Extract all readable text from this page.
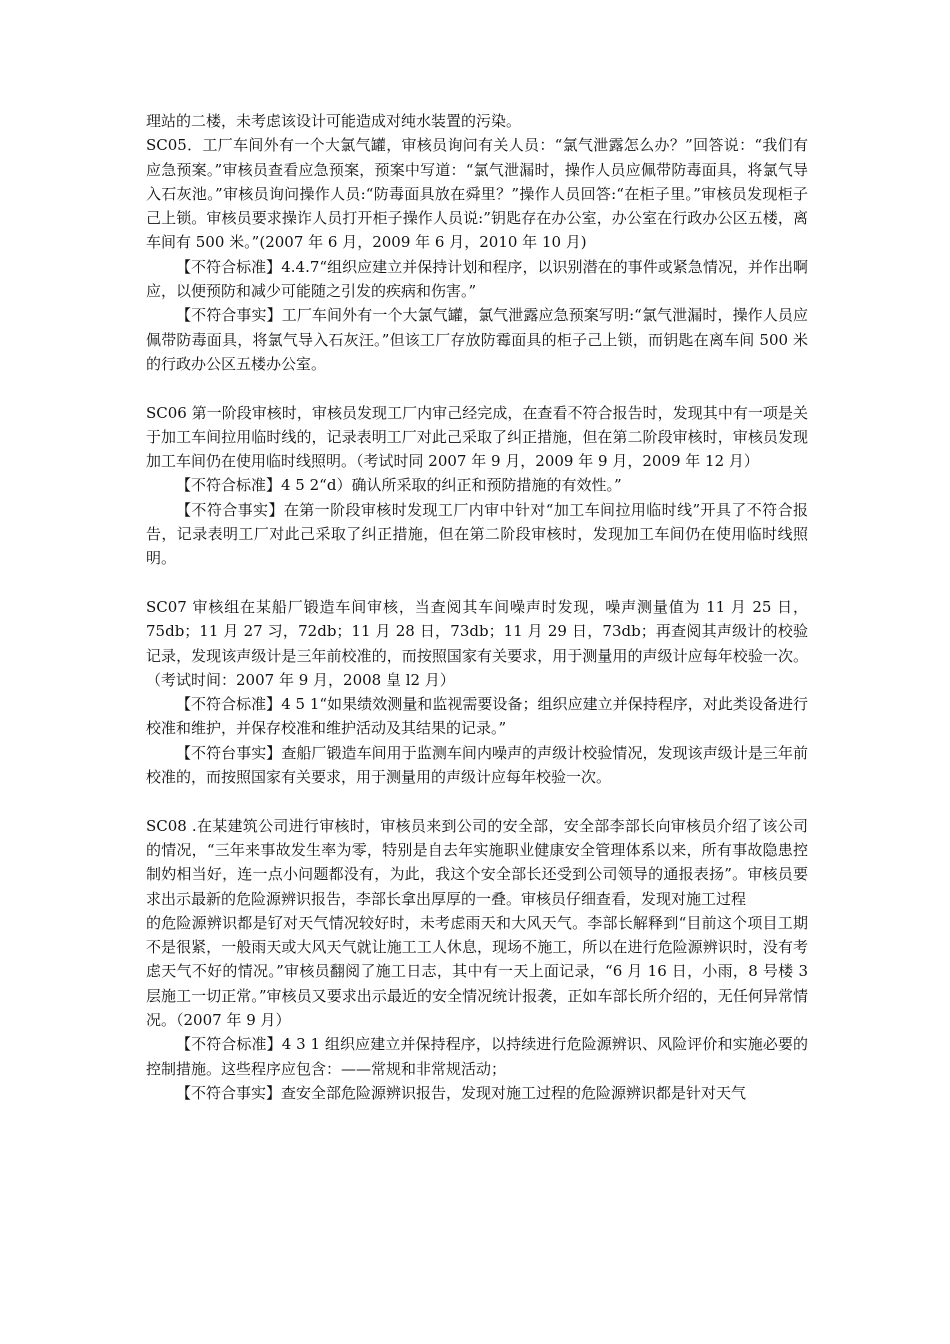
理站的二楼，未考虑该设计可能造成对纯水装置的污染。

SC05．工厂车间外有一个大氯气罐，审核员询问有关人员：“氯气泄露怎么办？”回答说：“我们有应急预案。”审核员查看应急预案，预案中写道：“氯气泄漏时，操作人员应佩带防毒面具，将氯气导入石灰池。”审核员询问操作人员:“防毒面具放在舜里？”操作人员回答:“在柜子里。”审核员发现柜子己上锁。审核员要求操诈人员打开柜子操作人员说:”钥匙存在办公室，办公室在行政办公区五楼，离车间有 500 米。”(2007 年 6 月，2009 年 6 月，2010 年 10 月)

【不符合标准】4.4.7“组织应建立并保持计划和程序，以识别潜在的事件或紧急情况，并作出啊应，以便预防和减少可能随之引发的疾病和伤害。”

【不符合事实】工厂车间外有一个大氯气罐，氯气泄露应急预案写明:“氯气泄漏时，操作人员应佩带防毒面具，将氯气导入石灰汪。”但该工厂存放防霉面具的柜子己上锁，而钥匙在离车间 500 米的行政办公区五楼办公室。

SC06 第一阶段审核时，审核员发现工厂内审己经完成，在查看不符合报告时，发现其中有一项是关于加工车间拉用临时线的，记录表明工厂对此己采取了纠正措施，但在第二阶段审核时，审核员发现加工车间仍在使用临时线照明。（考试时同 2007 年 9 月，2009 年 9 月，2009 年 12 月）

【不符合标准】4 5 2“d）确认所采取的纠正和预防措施的有效性。”

【不符合事实】在第一阶段审核时发现工厂内审中针对“加工车间拉用临时线”开具了不符合报告，记录表明工厂对此己采取了纠正措施，但在第二阶段审核时，发现加工车间仍在使用临时线照明。

SC07 审核组在某船厂锻造车间审核，当查阅其车间噪声时发现，噪声测量值为 11 月 25 日，75db；11 月 27 习，72db；11 月 28 日，73db；11 月 29 日，73db；再查阅其声级计的校验记录，发现该声级计是三年前校准的，而按照国家有关要求，用于测量用的声级计应每年校验一次。（考试时间：2007 年 9 月，2008 皇 l2 月）

【不符合标准】4 5 1“如果绩效测量和监视需要设备；组织应建立并保持程序，对此类设备进行校准和维护，并保存校准和维护活动及其结果的记录。”

【不符台事实】查船厂锻造车间用于监测车间内噪声的声级计校验情况，发现该声级计是三年前校准的，而按照国家有关要求，用于测量用的声级计应每年校验一次。

SC08 .在某建筑公司进行审核时，审核员来到公司的安全部，安全部李部长向审核员介绍了该公司的情况，“三年来事故发生率为零，特别是自去年实施职业健康安全管理体系以来，所有事故隐患控制妁相当好，连一点小问题都没有，为此，我这个安全部长还受到公司领导的通报表扬”。审核员要求出示最新的危险源辨识报告，李部长拿出厚厚的一叠。审核员仔细查看，发现对施工过程

的危险源辨识都是钌对天气情况较好时，未考虑雨天和大风天气。李部长解释到“目前这个项目工期不是很紧，一般雨天或大风天气就让施工工人休息，现场不施工，所以在进行危险源辨识时，没有考虑天气不好的情况。”审核员翻阅了施工日志，其中有一天上面记录，“6 月 16 日，小雨，8 号楼 3 层施工一切正常。”审核员又要求出示最近的安全情况统计报袭，正如车部长所介绍的，无任何异常情况。（2007 年 9 月）

【不符合标准】4 3 1 组织应建立并保持程序，以持续进行危险源辨识、风险评价和实施必要的控制措施。这些程序应包含：——常规和非常规活动；

【不符合事实】查安全部危险源辨识报告，发现对施工过程的危险源辨识都是针对天气
